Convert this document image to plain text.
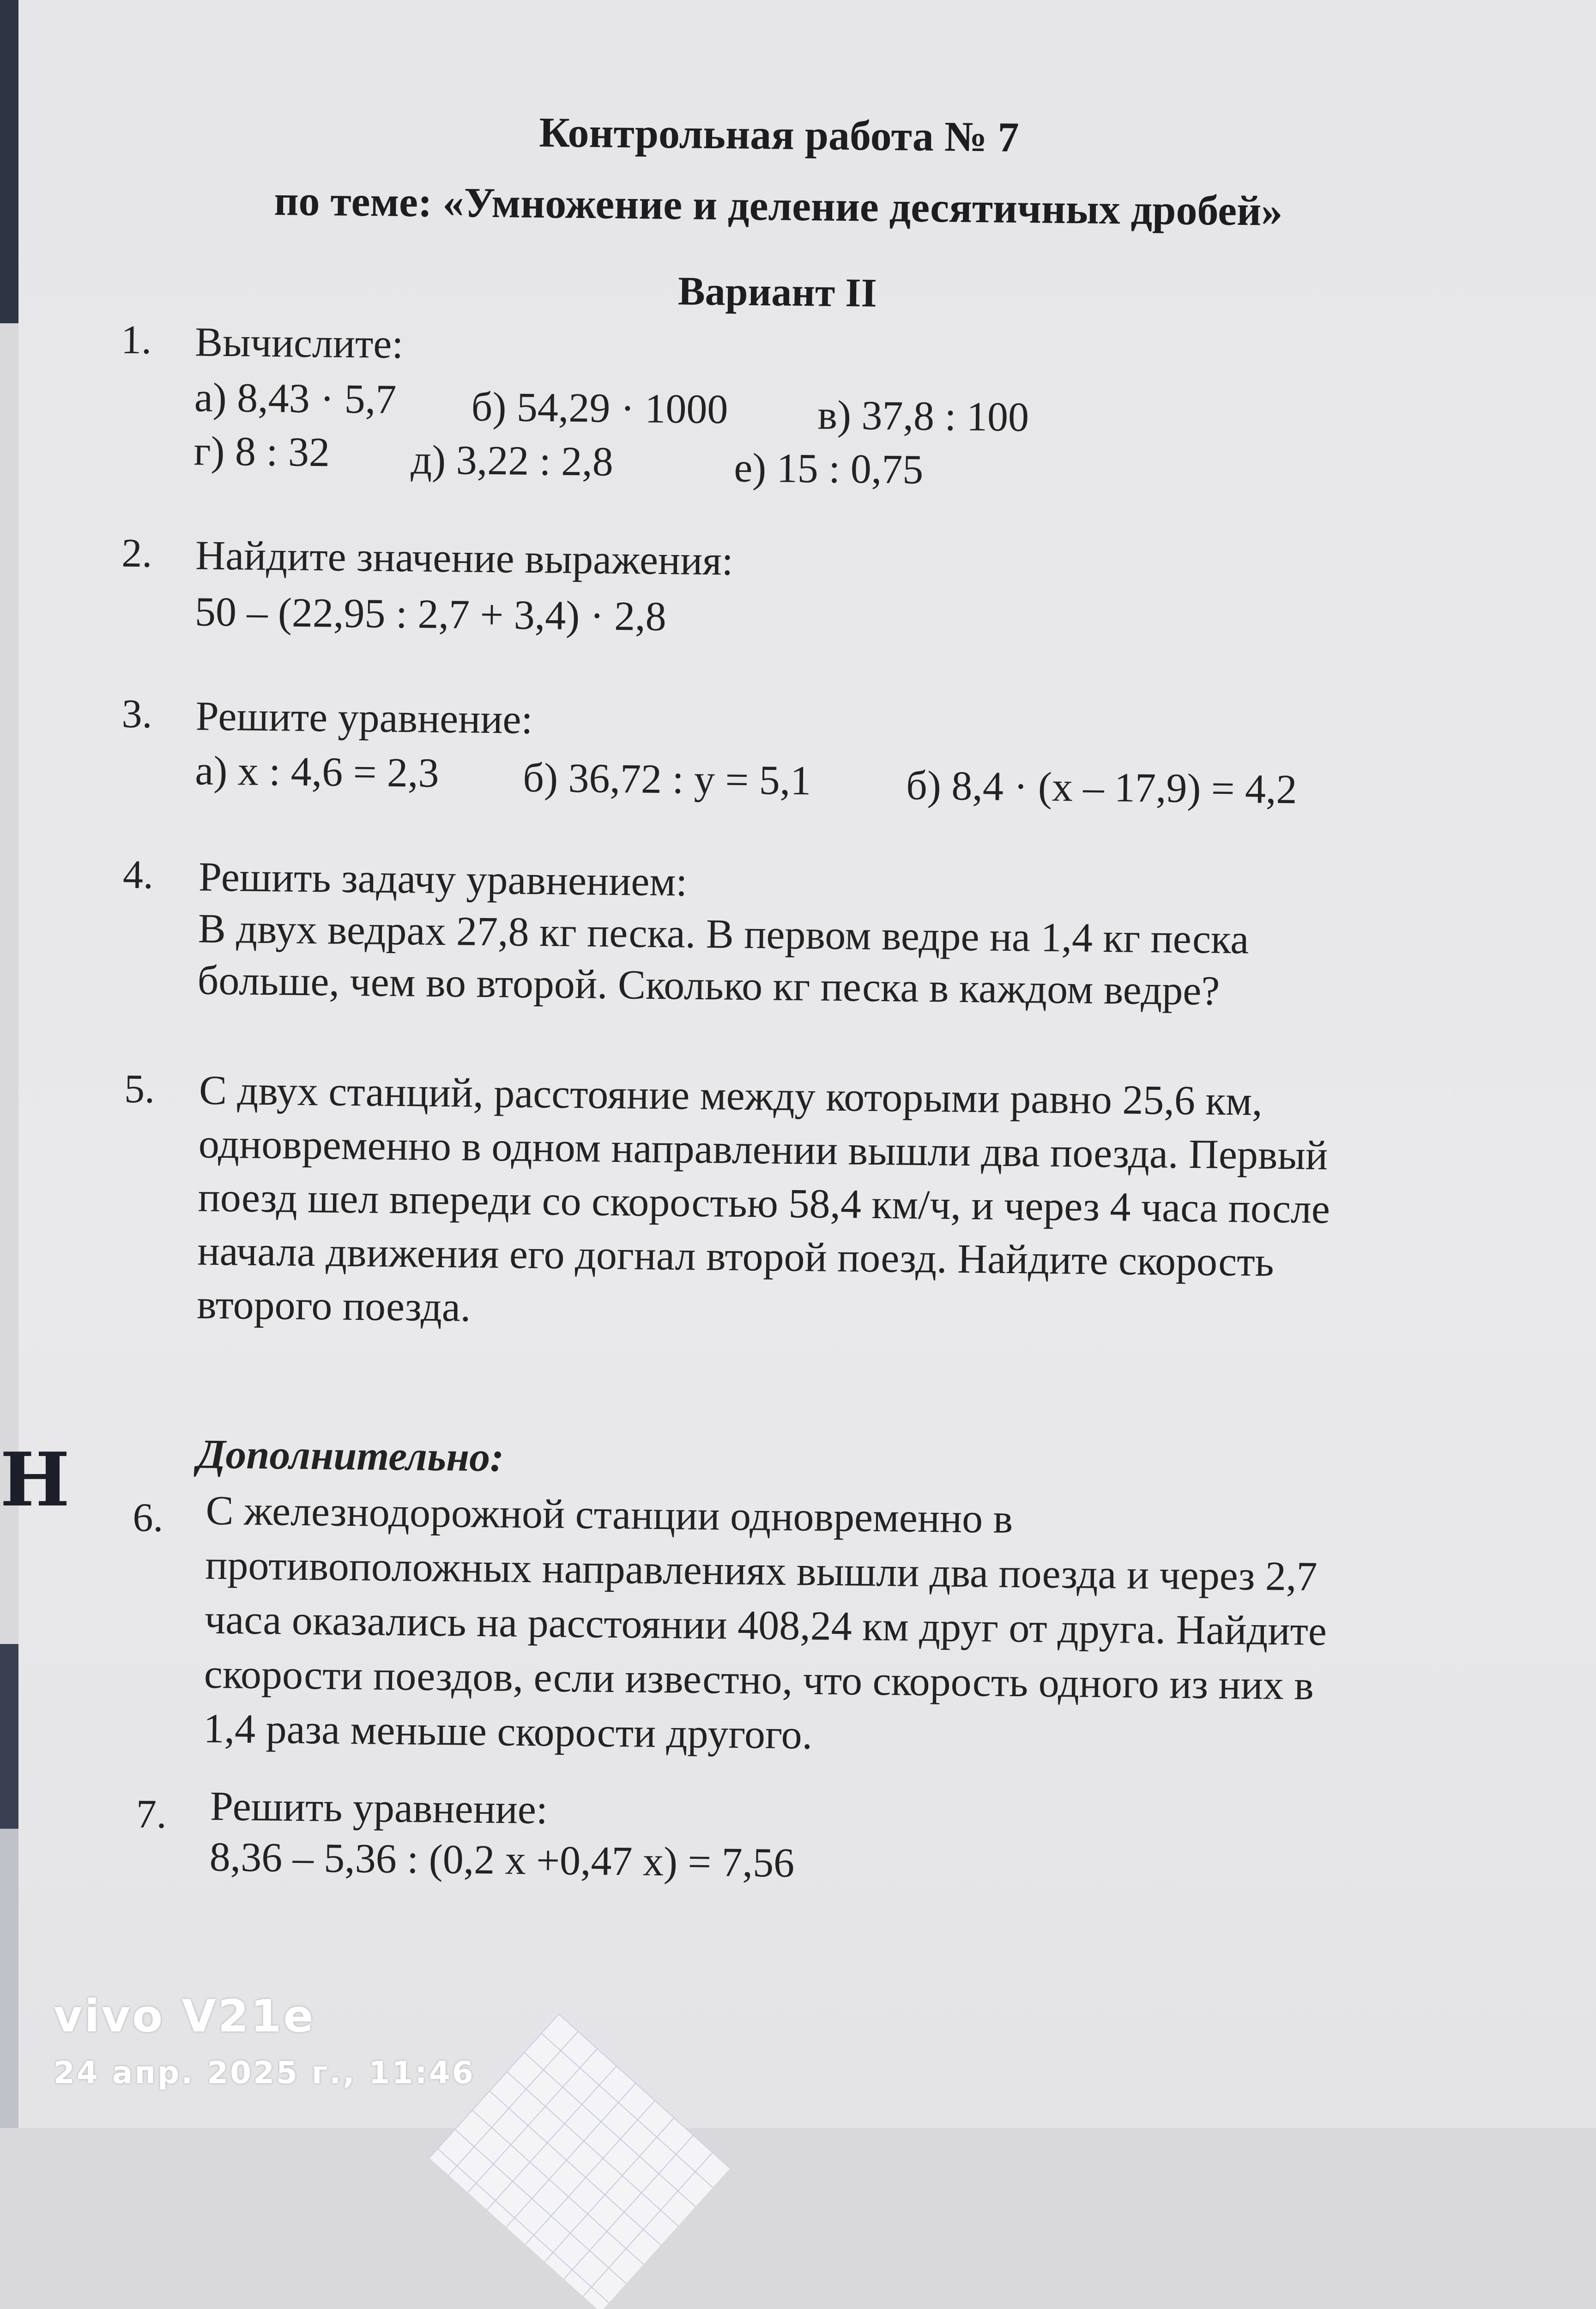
Контрольная работа № 7
по теме: «Умножение и деление десятичных дробей»
Вариант II
1. Вычислите:
а) 8,43 · 5,7 б) 54,29 · 1000 в) 37,8 : 100
г) 8 : 32 д) 3,22 : 2,8	е) 15 : 0,75
2. Найдите значение выражения:
50 – (22,95 : 2,7 + 3,4) · 2,8
3. Решите уравнение:
а) х : 4,6 = 2,3 б) 36,72 : у = 5,1 б) 8,4 · (х – 17,9) = 4,2
4. Решить задачу уравнением:
В двух ведрах 27,8 кг песка. В первом ведре на 1,4 кг песка
больше, чем во второй. Сколько кг песка в каждом ведре?
5. С двух станций, расстояние между которыми равно 25,6 км,
одновременно в одном направлении вышли два поезда. Первый
поезд шел впереди со скоростью 58,4 км/ч, и через 4 часа после
начала движения его догнал второй поезд. Найдите скорость
второго поезда.
Дополнительно:
6. С железнодорожной станции одновременно в
противоположных направлениях вышли два поезда и через 2,7
часа оказались на расстоянии 408,24 км друг от друга. Найдите
скорости поездов, если известно, что скорость одного из них в
1,4 раза меньше скорости другого.
7. Решить уравнение:
8,36 – 5,36 : (0,2 х +0,47 х) = 7,56
Н
vivo V21e
24 апр. 2025 г., 11:46
